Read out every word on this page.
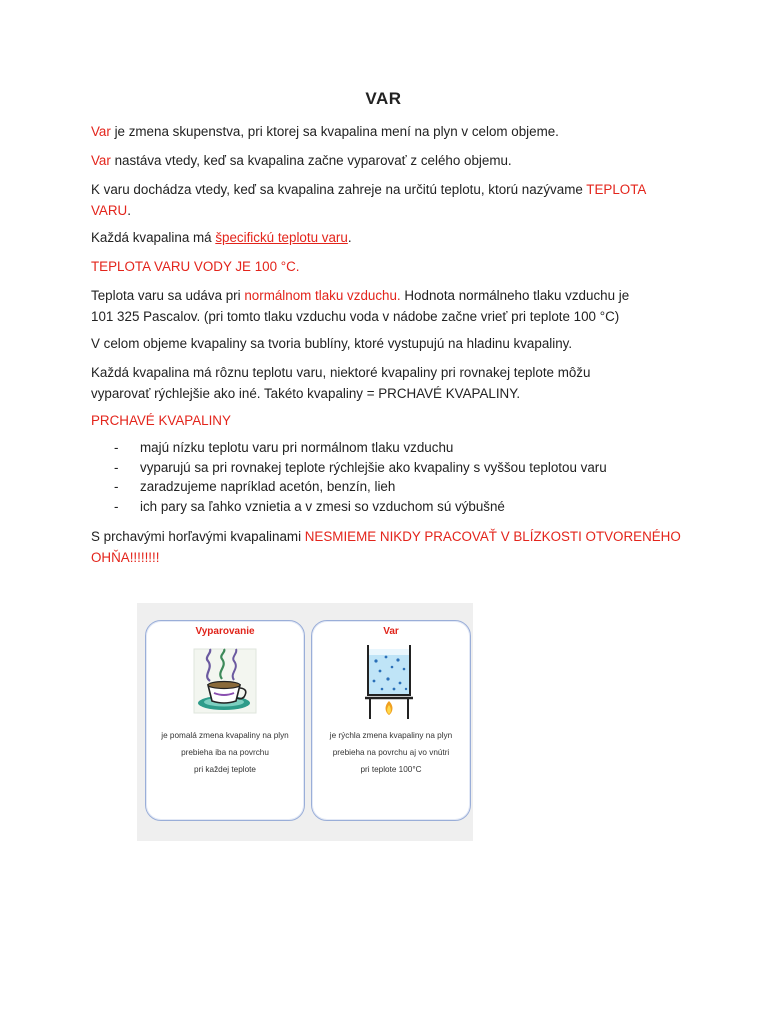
VAR
Var je zmena skupenstva, pri ktorej sa kvapalina mení na plyn v celom objeme.
Var nastáva vtedy, keď sa kvapalina začne vyparovať z celého objemu.
K varu dochádza vtedy, keď sa kvapalina zahreje na určitú teplotu, ktorú nazývame TEPLOTA
VARU.
Každá kvapalina má špecifickú teplotu varu.
TEPLOTA VARU VODY JE 100 °C.
Teplota varu sa udáva pri normálnom tlaku vzduchu. Hodnota normálneho tlaku vzduchu je
101 325 Pascalov. (pri tomto tlaku vzduchu voda v nádobe začne vrieť pri teplote 100 °C)
V celom objeme kvapaliny sa tvoria bublíny, ktoré vystupujú na hladinu kvapaliny.
Každá kvapalina má rôznu teplotu varu, niektoré kvapaliny pri rovnakej teplote môžu
vyparovať rýchlejšie ako iné. Takéto kvapaliny = PRCHAVÉ KVAPALINY.
PRCHAVÉ KVAPALINY
- majú nízku teplotu varu pri normálnom tlaku vzduchu
- vyparujú sa pri rovnakej teplote rýchlejšie ako kvapaliny s vyššou teplotou varu
- zaradzujeme napríklad acetón, benzín, lieh
- ich pary sa ľahko vznietia a v zmesi so vzduchom sú výbušné
S prchavými horľavými kvapalinami NESMIEME NIKDY PRACOVAŤ V BLÍZKOSTI OTVORENÉHO
OHŇA!!!!!!!!
Vyparovanie
je pomalá zmena kvapaliny na plyn
prebieha iba na povrchu
pri každej teplote
Var
je rýchla zmena kvapaliny na plyn
prebieha na povrchu aj vo vnútri
pri teplote 100°C
